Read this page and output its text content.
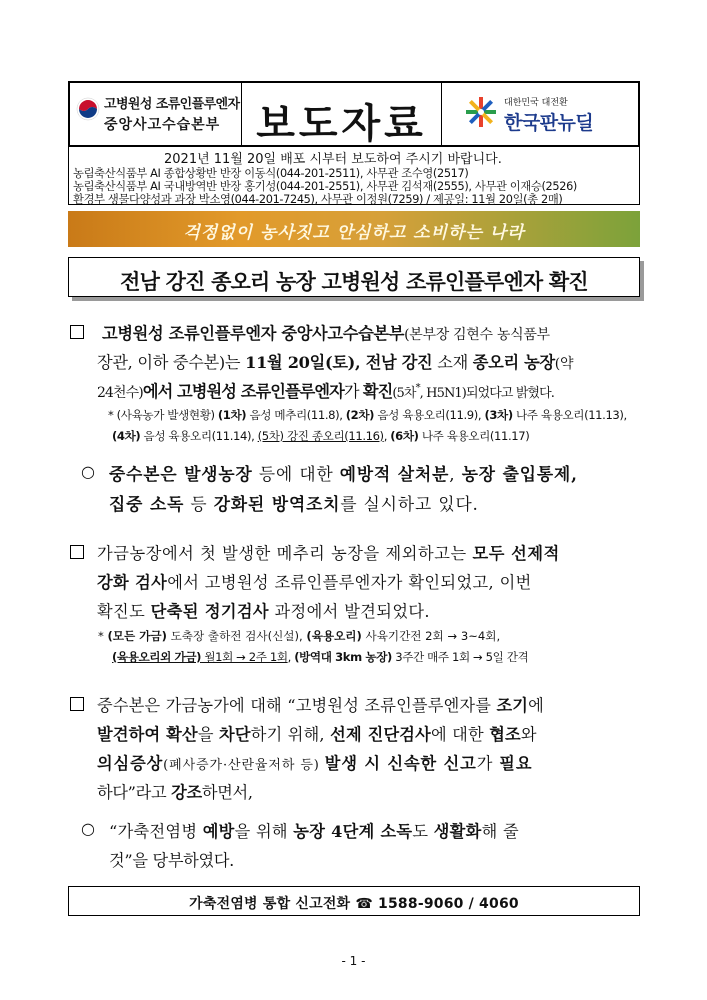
고병원성 조류인플루엔자
중앙사고수습본부 보도자료	대한민국 대전환
한국판뉴딜
2021년 11월 20일 배포 시부터 보도하여 주시기 바랍니다.
농림축산식품부 AI 종합상황반 반장 이동식(044-201-2511), 사무관 조수영(2517)
농림축산식품부 AI 국내방역반 반장 홍기성(044-201-2551), 사무관 김석재(2555), 사무관 이재승(2526)
환경부 생물다양성과 과장 박소영(044-201-7245), 사무관 이정원(7259) / 제공일: 11월 20일(총 2매)
걱정없이 농사짓고 안심하고 소비하는 나라
전남 강진 종오리 농장 고병원성 조류인플루엔자 확진
고병원성 조류인플루엔자 중앙사고수습본부(본부장 김현수 농식품부
장관, 이하 중수본)는 11월 20일(토), 전남 강진 소재 종오리 농장(약
24천수)에서 고병원성 조류인플루엔자가 확진(5차*, H5N1)되었다고 밝혔다.
* (사육농가 발생현황) (1차) 음성 메추리(11.8), (2차) 음성 육용오리(11.9), (3차) 나주 육용오리(11.13),
(4차) 음성 육용오리(11.14), (5차) 강진 종오리(11.16), (6차) 나주 육용오리(11.17)
○ 중수본은 발생농장 등에 대한 예방적 살처분, 농장 출입통제,
집중 소독 등 강화된 방역조치를 실시하고 있다.
가금농장에서 첫 발생한 메추리 농장을 제외하고는 모두 선제적
강화 검사에서 고병원성 조류인플루엔자가 확인되었고, 이번
확진도 단축된 정기검사 과정에서 발견되었다.
* (모든 가금) 도축장 출하전 검사(신설), (육용오리) 사육기간전 2회 → 3~4회,
(육용오리외 가금) 월1회 → 2주 1회, (방역대 3km 농장) 3주간 매주 1회 → 5일 간격
중수본은 가금농가에 대해 “고병원성 조류인플루엔자를 조기에
발견하여 확산을 차단하기 위해, 선제 진단검사에 대한 협조와
의심증상(폐사증가·산란율저하 등) 발생 시 신속한 신고가 필요
하다”라고 강조하면서,
○ “가축전염병 예방을 위해 농장 4단계 소독도 생활화해 줄
것”을 당부하였다.
가축전염병 통합 신고전화 ☎ 1588-9060 / 4060
- 1 -
